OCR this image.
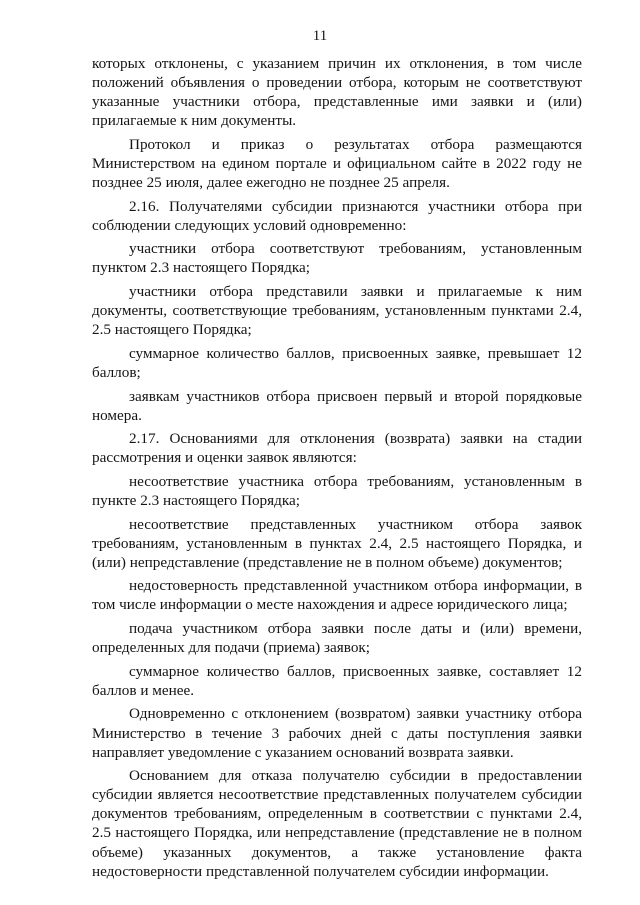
11

которых отклонены, с указанием причин их отклонения, в том числе положений объявления о проведении отбора, которым не соответствуют указанные участники отбора, представленные ими заявки и (или) прилагаемые к ним документы.

Протокол и приказ о результатах отбора размещаются Министерством на едином портале и официальном сайте в 2022 году не позднее 25 июля, далее ежегодно не позднее 25 апреля.

2.16. Получателями субсидии признаются участники отбора при соблюдении следующих условий одновременно:

участники отбора соответствуют требованиям, установленным пунктом 2.3 настоящего Порядка;

участники отбора представили заявки и прилагаемые к ним документы, соответствующие требованиям, установленным пунктами 2.4, 2.5 настоящего Порядка;

суммарное количество баллов, присвоенных заявке, превышает 12 баллов;

заявкам участников отбора присвоен первый и второй порядковые номера.

2.17. Основаниями для отклонения (возврата) заявки на стадии рассмотрения и оценки заявок являются:

несоответствие участника отбора требованиям, установленным в пункте 2.3 настоящего Порядка;

несоответствие представленных участником отбора заявок требованиям, установленным в пунктах 2.4, 2.5 настоящего Порядка, и (или) непредставление (представление не в полном объеме) документов;

недостоверность представленной участником отбора информации, в том числе информации о месте нахождения и адресе юридического лица;

подача участником отбора заявки после даты и (или) времени, определенных для подачи (приема) заявок;

суммарное количество баллов, присвоенных заявке, составляет 12 баллов и менее.

Одновременно с отклонением (возвратом) заявки участнику отбора Министерство в течение 3 рабочих дней с даты поступления заявки направляет уведомление с указанием оснований возврата заявки.

Основанием для отказа получателю субсидии в предоставлении субсидии является несоответствие представленных получателем субсидии документов требованиям, определенным в соответствии с пунктами 2.4, 2.5 настоящего Порядка, или непредставление (представление не в полном объеме) указанных документов, а также установление факта недостоверности представленной получателем субсидии информации.
